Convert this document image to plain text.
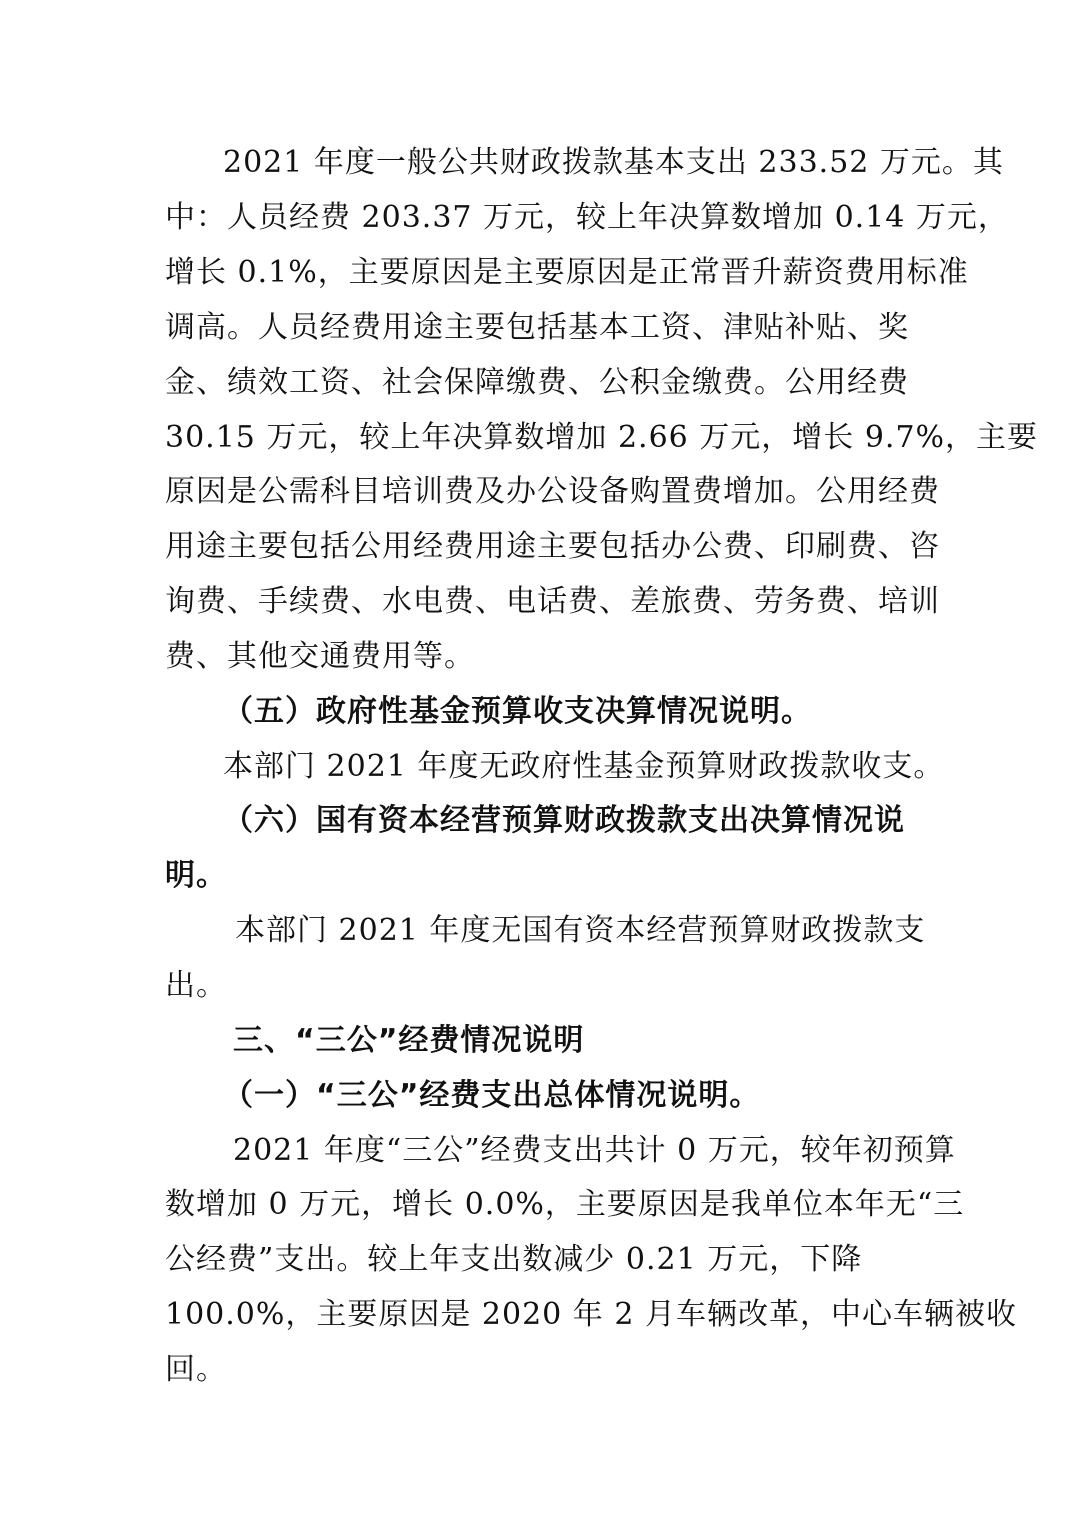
2021 年度一般公共财政拨款基本支出 233.52 万元。其
中：人员经费 203.37 万元，较上年决算数增加 0.14 万元，
增长 0.1%，主要原因是主要原因是正常晋升薪资费用标准
调高。人员经费用途主要包括基本工资、津贴补贴、奖
金、绩效工资、社会保障缴费、公积金缴费。公用经费
30.15 万元，较上年决算数增加 2.66 万元，增长 9.7%，主要
原因是公需科目培训费及办公设备购置费增加。公用经费
用途主要包括公用经费用途主要包括办公费、印刷费、咨
询费、手续费、水电费、电话费、差旅费、劳务费、培训
费、其他交通费用等。
（五）政府性基金预算收支决算情况说明。
本部门 2021 年度无政府性基金预算财政拨款收支。
（六）国有资本经营预算财政拨款支出决算情况说
明。
本部门 2021 年度无国有资本经营预算财政拨款支
出。
三、“三公”经费情况说明
（一）“三公”经费支出总体情况说明。
2021 年度“三公”经费支出共计 0 万元，较年初预算
数增加 0 万元，增长 0.0%，主要原因是我单位本年无“三
公经费”支出。较上年支出数减少 0.21 万元，下降
100.0%，主要原因是 2020 年 2 月车辆改革，中心车辆被收
回。
